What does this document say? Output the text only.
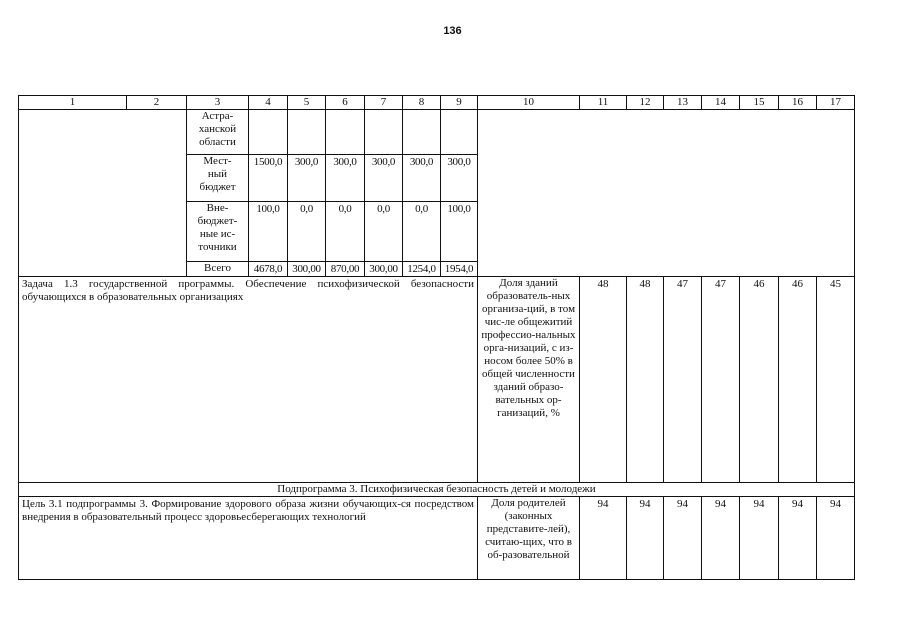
136
1	2	3	4	5	6	7	8	9	10	11	12	13	14	15	16	17
		Астра-
ханской
области														
		Мест-
ный
бюджет	1500,0	300,0	300,0	300,0	300,0	300,0								
		Вне-
бюджет-
ные ис-
точники	100,0	0,0	0,0	0,0	0,0	100,0								
		Всего	4678,0	300,00	870,00	300,00	1254,0	1954,0								
Задача 1.3 государственной программы. Обеспечение психофизической безопасности обучающихся в образовательных организациях									Доля зданий образователь-ных организа-ций, в том чис-ле общежитий профессио-нальных орга-низаций, с из-носом более 50% в общей численности зданий образо-вательных ор-ганизаций, %	48	48	47	47	46	46	45
Подпрограмма 3. Психофизическая безопасность детей и молодежи																
Цель 3.1 подпрограммы 3. Формирование здорового образа жизни обучающих-ся посредством внедрения в образовательный процесс здоровьесберегающих технологий									Доля родителей (законных представите-лей), считаю-щих, что в об-разовательной	94	94	94	94	94	94	94
